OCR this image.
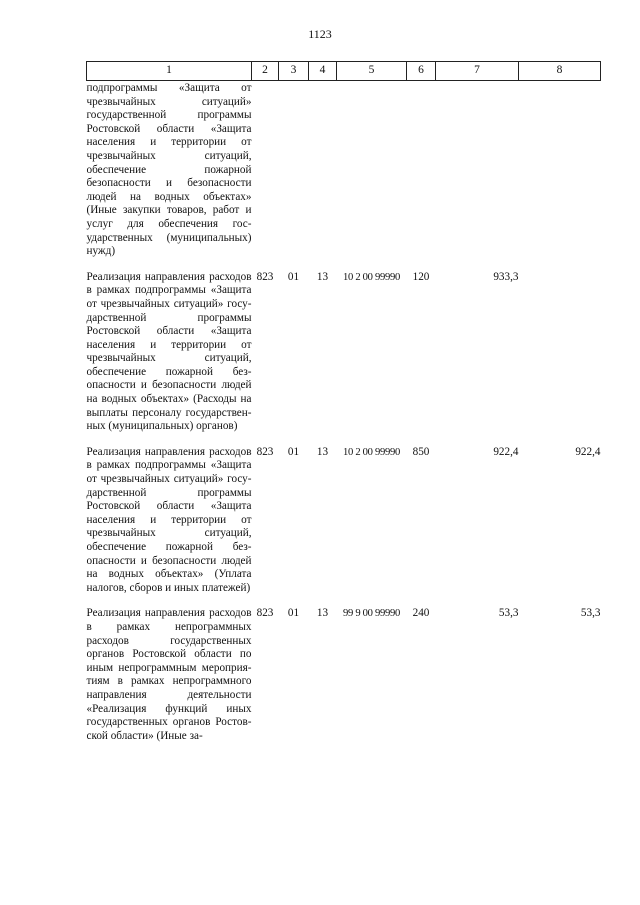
1123
1	2	3	4	5	6	7	8
подпрограммы «Защита от чрезвычайных ситуаций» государственной программы Ростовской области «Защита населения и территории от чрезвычайных ситуаций, обеспечение пожарной безопасности и безопасности людей на водных объектах» (Иные закупки товаров, работ и услуг для обеспечения государственных (муниципальных) нужд)							
Реализация направления расходов в рамках подпрограммы «Защита от чрезвычайных ситуаций» государственной программы Ростовской области «Защита населения и территории от чрезвычайных ситуаций, обеспечение пожарной безопасности и безопасности людей на водных объектах» (Расходы на выплаты персоналу государственных (муниципальных) органов)	823	01	13	10 2 00 99990	120	933,3	
Реализация направления расходов в рамках подпрограммы «Защита от чрезвычайных ситуаций» государственной программы Ростовской области «Защита населения и территории от чрезвычайных ситуаций, обеспечение пожарной безопасности и безопасности людей на водных объектах» (Уплата налогов, сборов и иных платежей)	823	01	13	10 2 00 99990	850	922,4	922,4
Реализация направления расходов в рамках непрограммных расходов государственных органов Ростовской области по иным непрограммным мероприятиям в рамках непрограммного направления деятельности «Реализация функций иных государственных органов Ростовской области» (Иные за-	823	01	13	99 9 00 99990	240	53,3	53,3
